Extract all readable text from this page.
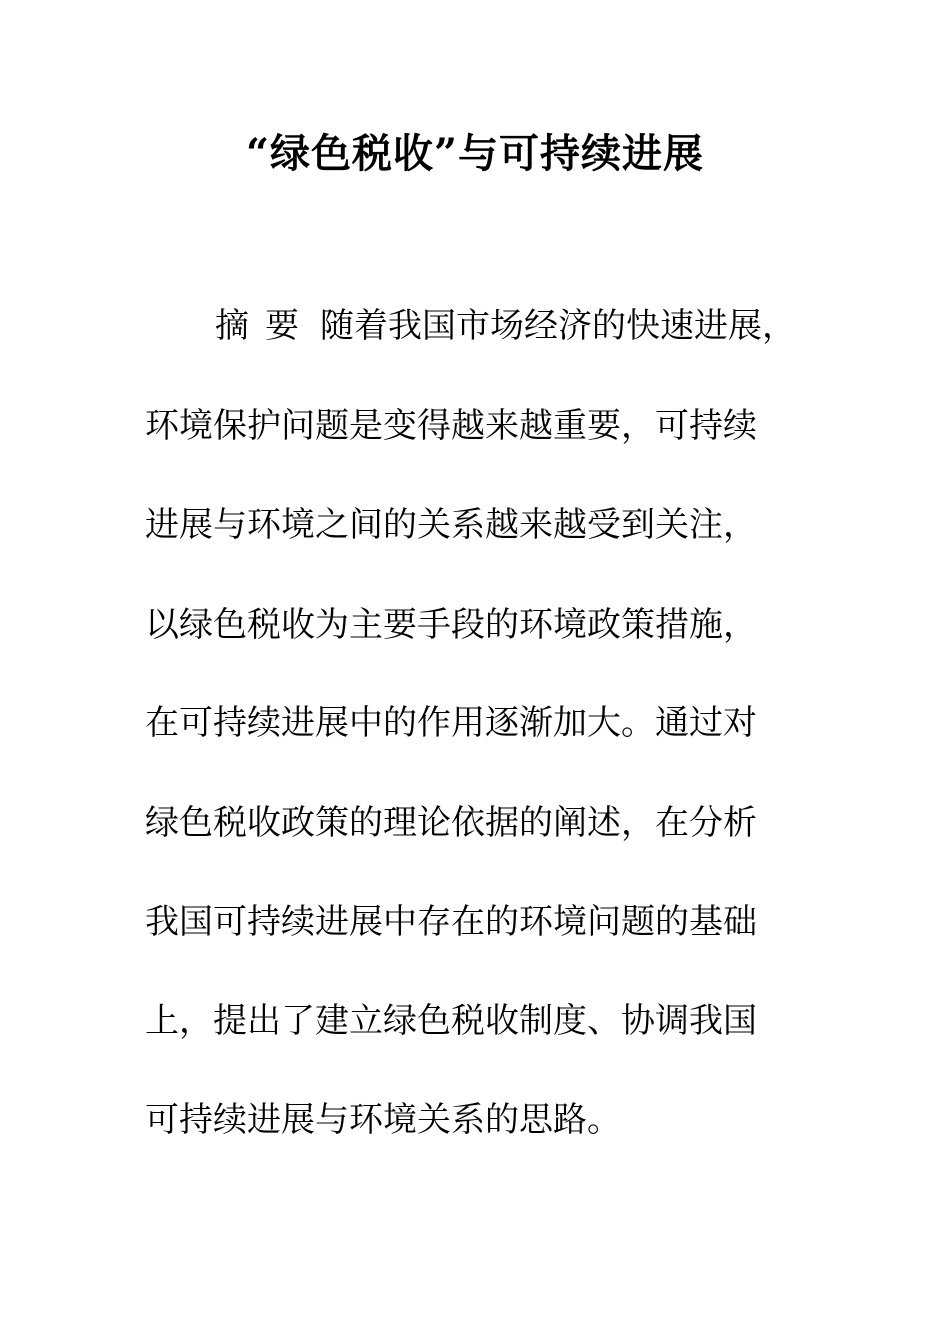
“绿色税收”与可持续进展
摘 要 随着我国市场经济的快速进展，
环境保护问题是变得越来越重要，可持续
进展与环境之间的关系越来越受到关注，
以绿色税收为主要手段的环境政策措施，
在可持续进展中的作用逐渐加大。通过对
绿色税收政策的理论依据的阐述，在分析
我国可持续进展中存在的环境问题的基础
上，提出了建立绿色税收制度、协调我国
可持续进展与环境关系的思路。
